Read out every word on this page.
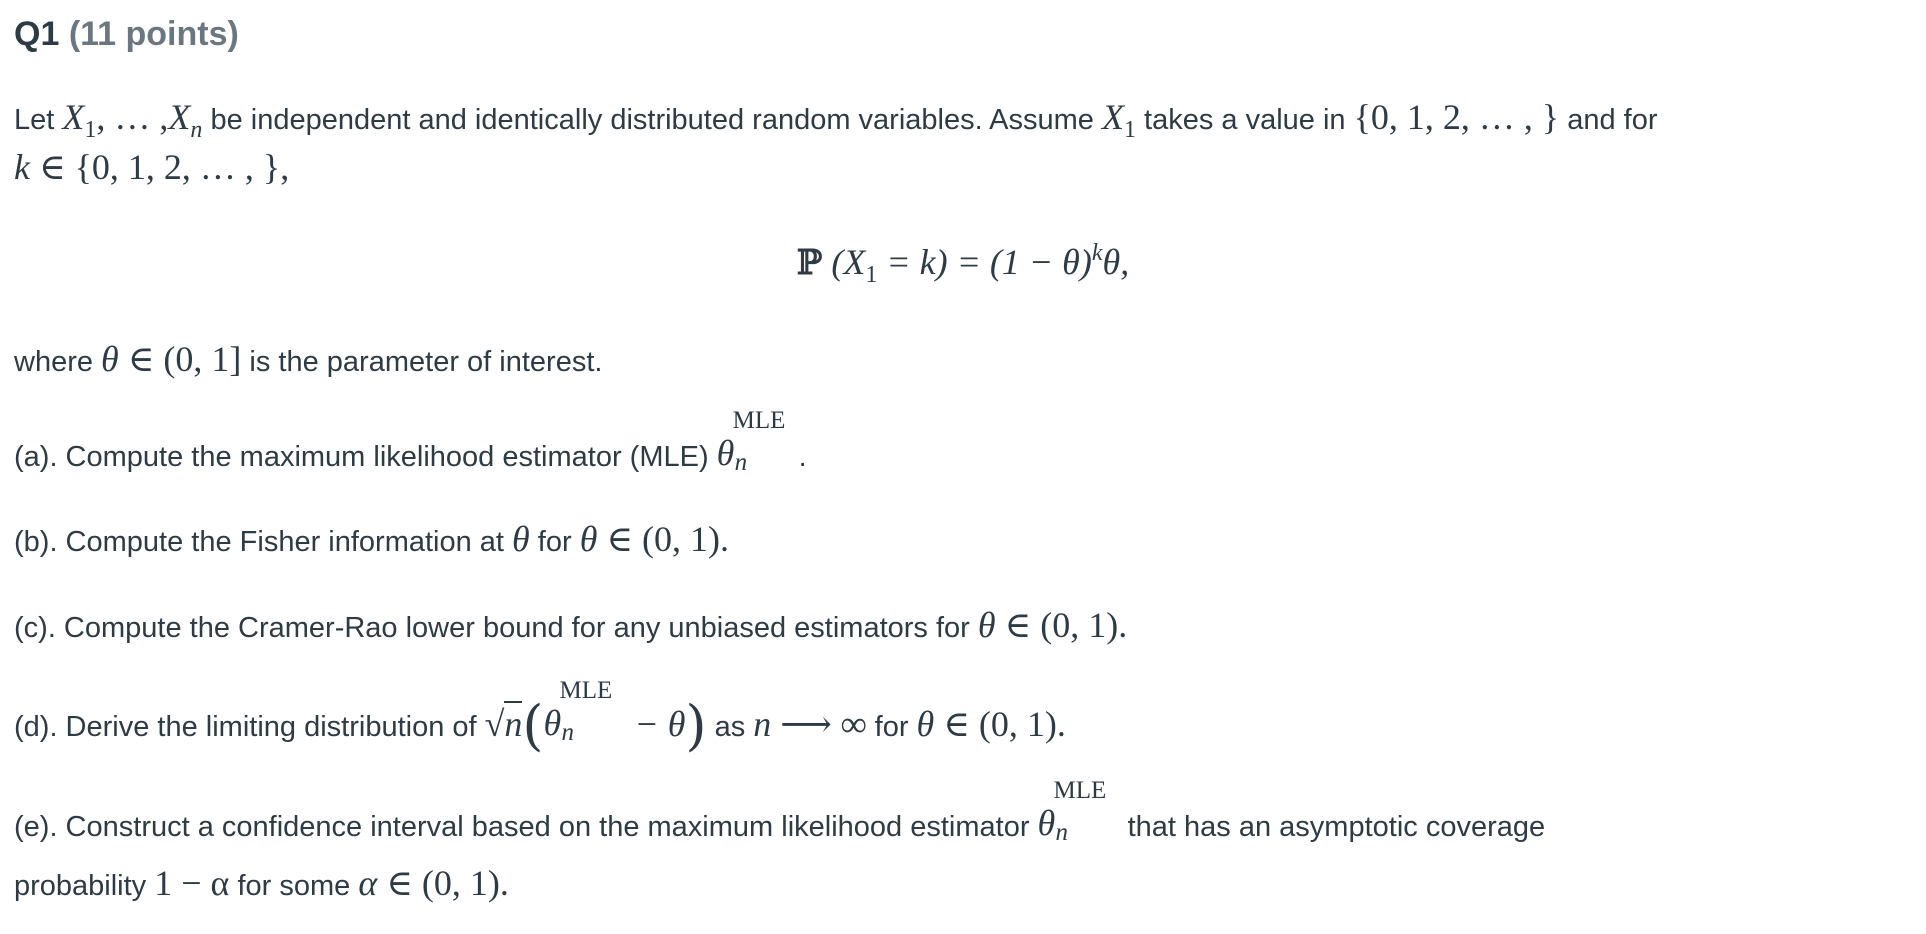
Q1 (11 points)
Let $X_1$, … $,X_n$ be independent and identically distributed random variables. Assume $X_1$ takes a value in {0, 1, 2, … , } and for
k ∈ {0, 1, 2, … , },
ℙ $(X_1 = k) = (1 - \theta)^k\theta$,
where θ ∈ (0, 1] is the parameter of interest.
(a). Compute the maximum likelihood estimator (MLE) θ
MLE
n .
(b). Compute the Fisher information at θ for θ ∈ (0, 1).
(c). Compute the Cramer-Rao lower bound for any unbiased estimators for θ ∈ (0, 1).
(d). Derive the limiting distribution of √n( θ
MLE
n − θ) as n ⟶ ∞ for θ ∈ (0, 1).
(e). Construct a confidence interval based on the maximum likelihood estimator θ
MLE
n that has an asymptotic coverage
probability 1 − α for some α ∈ (0, 1).
